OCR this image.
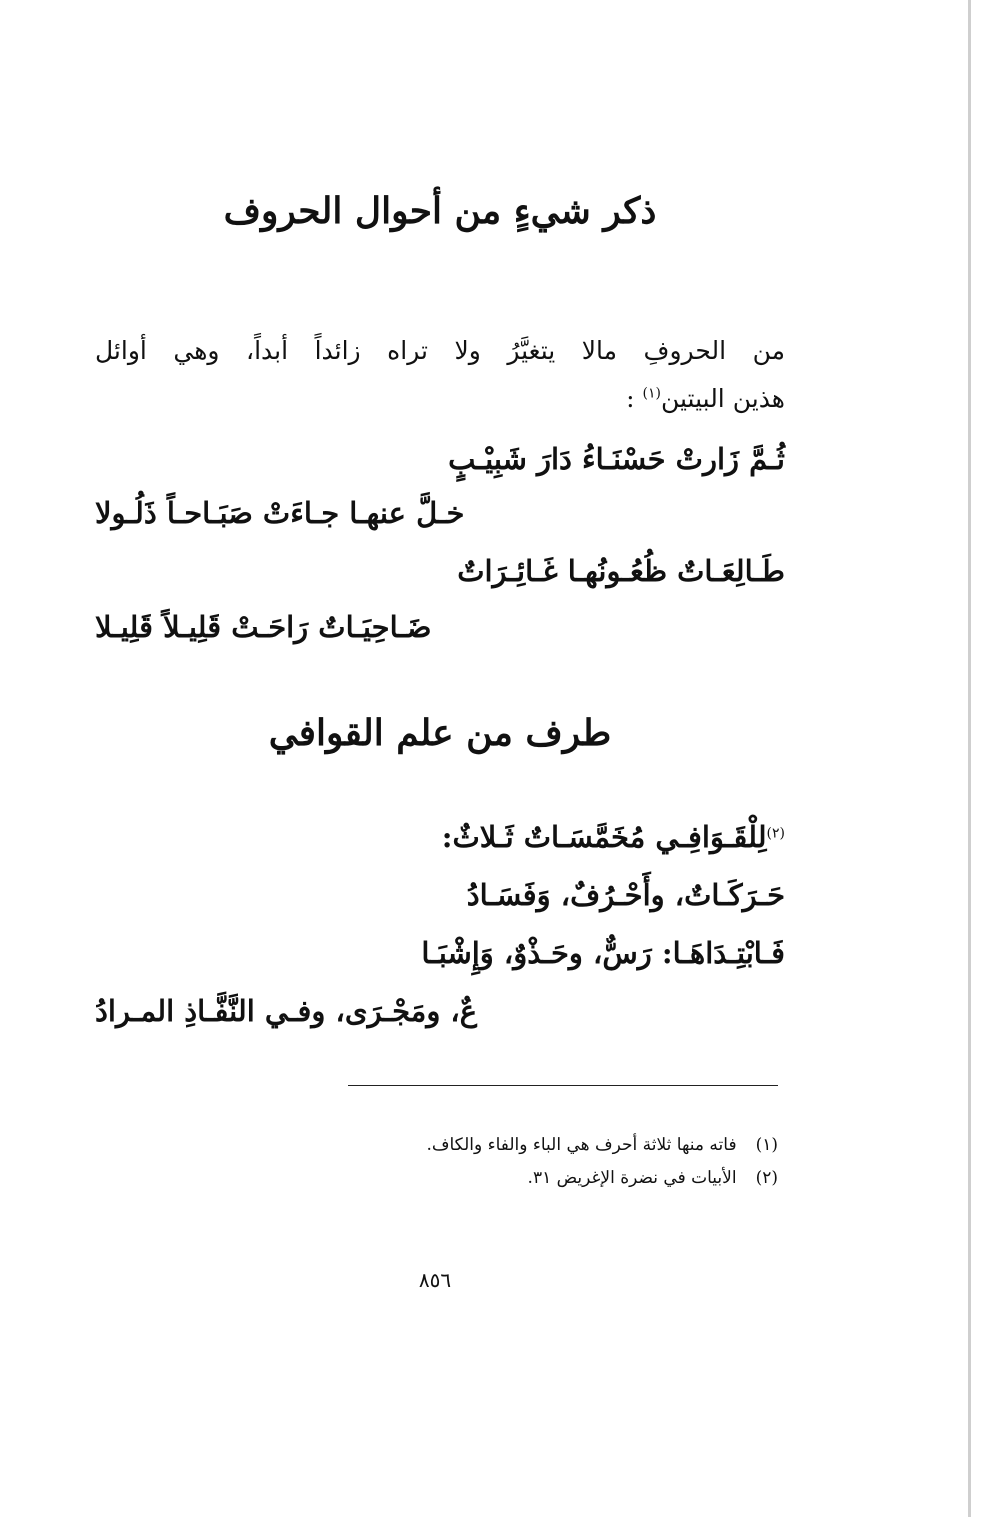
ذكر شيءٍ من أحوال الحروف

من الحروفِ مالا يتغيَّرُ ولا تراه زائداً أبداً، وهي أوائل

هذين البيتين$^{(١)}$ :

ثُـمَّ زَارتْ حَسْنَـاءُ دَارَ شَبِيْـبٍ

خـلَّ عنهـا جـاءَتْ صَبَـاحـاً ذَلُـولا

طَـالِعَـاتٌ ظُعُـونُهـا غَـائِـرَاتٌ

ضَـاحِيَـاتٌ رَاحَـتْ قَلِيـلاً قَلِيـلا

طرف من علم القوافي

$^{(٢)}$لِلْقَـوَافِـي مُخَمَّسَـاتٌ ثَـلاثٌ:

حَـرَكَـاتٌ، وأَحْـرُفٌ، وَفَسَـادُ

فَـابْتِـدَاهَـا: رَسٌّ، وحَـذْوٌ، وَإِشْبَـا

عٌ، ومَجْـرَى، وفـي النَّفَّـاذِ المـرادُ

(١) فاته منها ثلاثة أحرف هي الباء والفاء والكاف.
(٢) الأبيات في نضرة الإغريض ٣١.
٨٥٦
